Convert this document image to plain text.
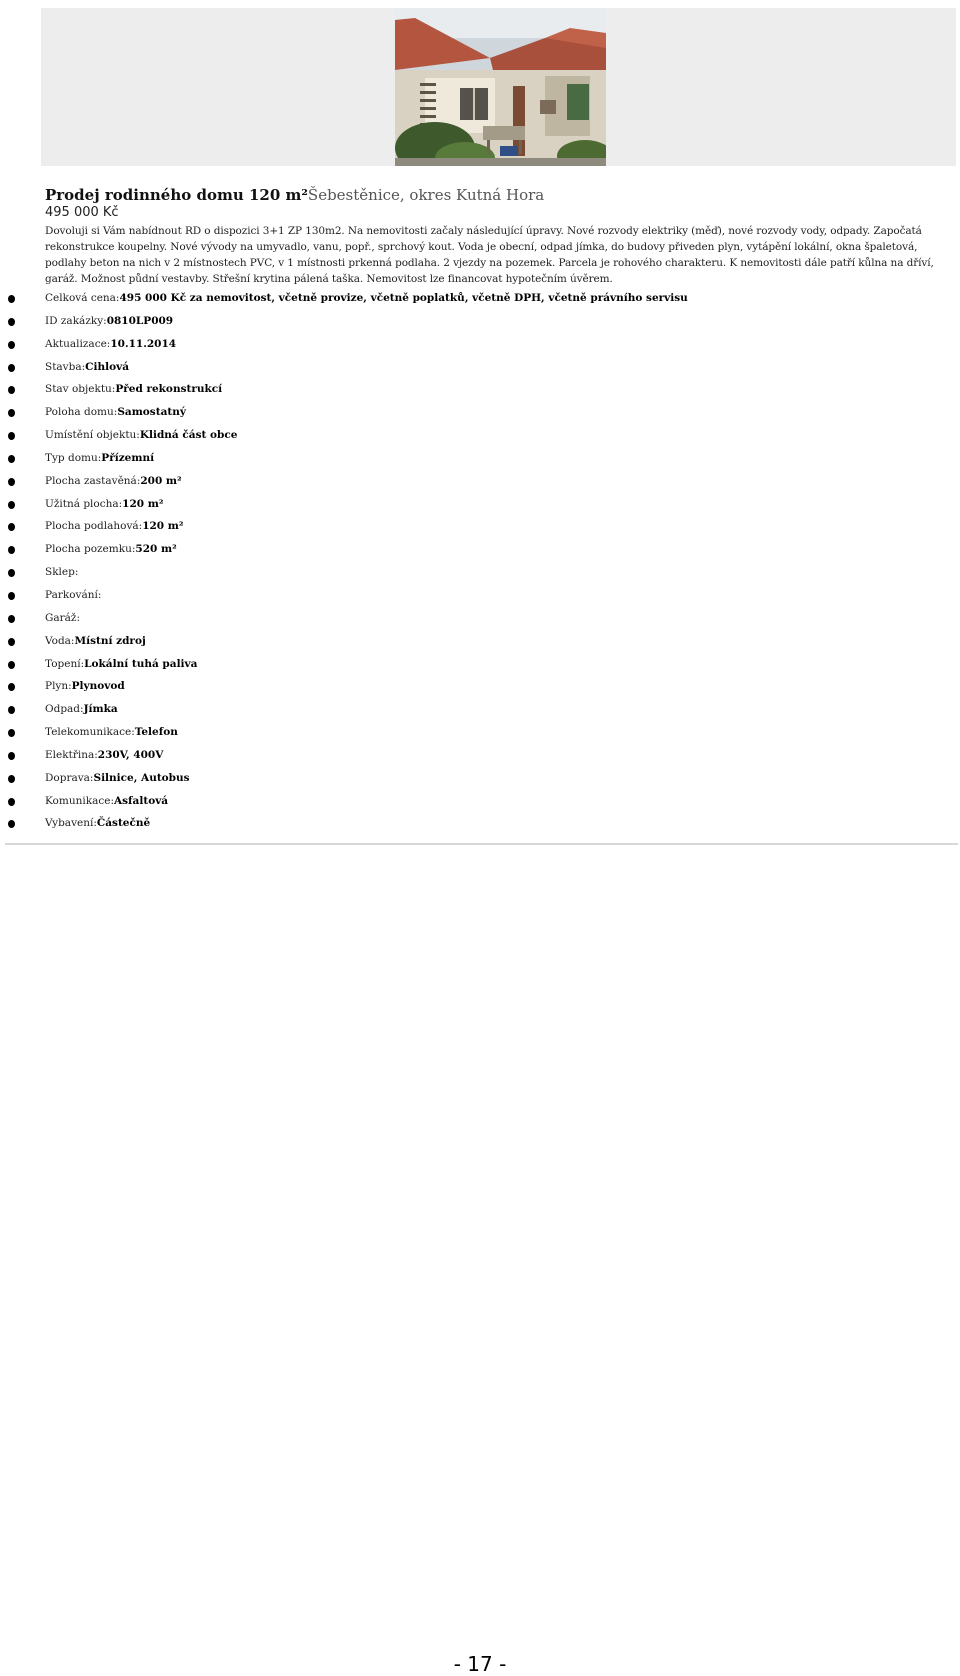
Prodej rodinného domu 120 m²Šebestěnice, okres Kutná Hora
495 000 Kč
Dovoluji si Vám nabídnout RD o dispozici 3+1 ZP 130m2. Na nemovitosti začaly následující úpravy. Nové rozvody elektriky (měď), nové rozvody vody, odpady. Započatá rekonstrukce koupelny. Nové vývody na umyvadlo, vanu, popř., sprchový kout. Voda je obecní, odpad jímka, do budovy přiveden plyn, vytápění lokální, okna špaletová, podlahy beton na nich v 2 místnostech PVC, v 1 místnosti prkenná podlaha. 2 vjezdy na pozemek. Parcela je rohového charakteru. K nemovitosti dále patří kůlna na dříví, garáž. Možnost půdní vestavby. Střešní krytina pálená taška. Nemovitost lze financovat hypotečním úvěrem.
Celková cena:495 000 Kč za nemovitost, včetně provize, včetně poplatků, včetně DPH, včetně právního servisu
ID zakázky:0810LP009
Aktualizace:10.11.2014
Stavba:Cihlová
Stav objektu:Před rekonstrukcí
Poloha domu:Samostatný
Umístění objektu:Klidná část obce
Typ domu:Přízemní
Plocha zastavěná:200 m²
Užitná plocha:120 m²
Plocha podlahová:120 m²
Plocha pozemku:520 m²
Sklep:
Parkování:
Garáž:
Voda:Místní zdroj
Topení:Lokální tuhá paliva
Plyn:Plynovod
Odpad:Jímka
Telekomunikace:Telefon
Elektřina:230V, 400V
Doprava:Silnice, Autobus
Komunikace:Asfaltová
Vybavení:Částečně
- 17 -
